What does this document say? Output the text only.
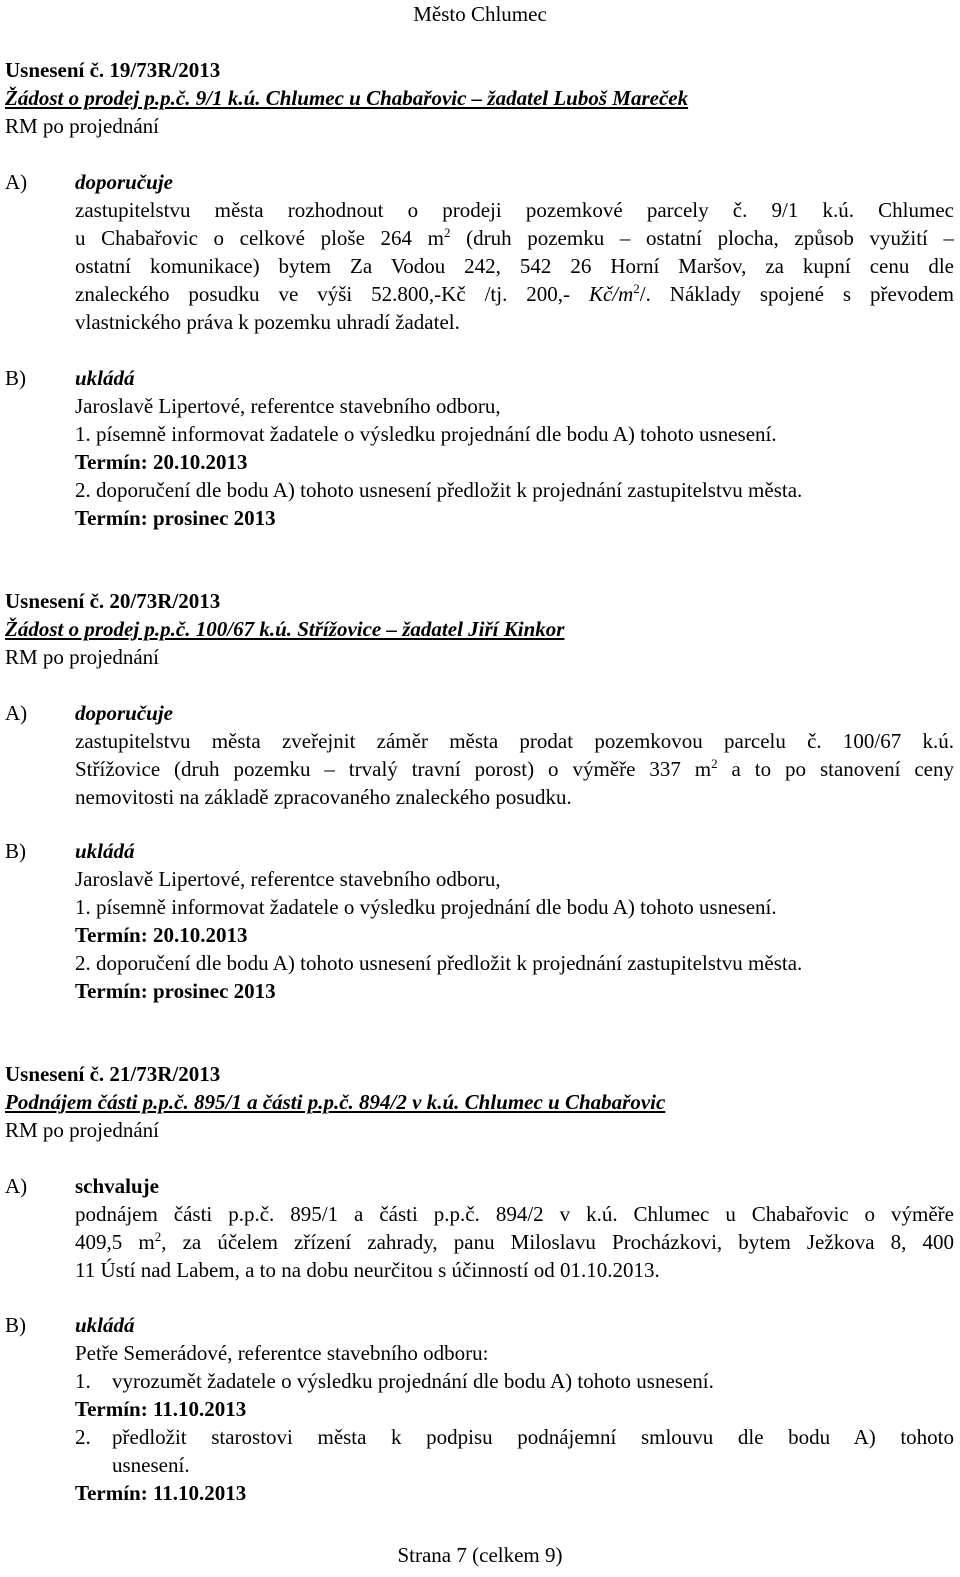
Město Chlumec
Usnesení č. 19/73R/2013
Žádost o prodej p.p.č. 9/1 k.ú. Chlumec u Chabařovic – žadatel Luboš Mareček
RM po projednání
A) doporučuje
zastupitelstvu města rozhodnout o prodeji pozemkové parcely č. 9/1 k.ú. Chlumec
u Chabařovic o celkové ploše 264 $m^2$ (druh pozemku – ostatní plocha, způsob využití –
ostatní komunikace) bytem Za Vodou 242, 542 26 Horní Maršov, za kupní cenu dle
znaleckého posudku ve výši 52.800,-Kč /tj. 200,- $Kč/m^2/$. Náklady spojené s převodem
vlastnického práva k pozemku uhradí žadatel.
B) ukládá
Jaroslavě Lipertové, referentce stavebního odboru,
1. písemně informovat žadatele o výsledku projednání dle bodu A) tohoto usnesení.
Termín: 20.10.2013
2. doporučení dle bodu A) tohoto usnesení předložit k projednání zastupitelstvu města.
Termín: prosinec 2013
Usnesení č. 20/73R/2013
Žádost o prodej p.p.č. 100/67 k.ú. Střížovice – žadatel Jiří Kinkor
RM po projednání
A) doporučuje
zastupitelstvu města zveřejnit záměr města prodat pozemkovou parcelu č. 100/67 k.ú.
Střížovice (druh pozemku – trvalý travní porost) o výměře 337 $m^2$ a to po stanovení ceny
nemovitosti na základě zpracovaného znaleckého posudku.
B) ukládá
Jaroslavě Lipertové, referentce stavebního odboru,
1. písemně informovat žadatele o výsledku projednání dle bodu A) tohoto usnesení.
Termín: 20.10.2013
2. doporučení dle bodu A) tohoto usnesení předložit k projednání zastupitelstvu města.
Termín: prosinec 2013
Usnesení č. 21/73R/2013
Podnájem části p.p.č. 895/1 a části p.p.č. 894/2 v k.ú. Chlumec u Chabařovic
RM po projednání
A) schvaluje
podnájem části p.p.č. 895/1 a části p.p.č. 894/2 v k.ú. Chlumec u Chabařovic o výměře
409,5 $m^2$, za účelem zřízení zahrady, panu Miloslavu Procházkovi, bytem Ježkova 8, 400
11 Ústí nad Labem, a to na dobu neurčitou s účinností od 01.10.2013.
B) ukládá
Petře Semerádové, referentce stavebního odboru:
1. vyrozumět žadatele o výsledku projednání dle bodu A) tohoto usnesení.
Termín: 11.10.2013
2. předložit starostovi města k podpisu podnájemní smlouvu dle bodu A) tohoto
usnesení.
Termín: 11.10.2013
Strana 7 (celkem 9)
